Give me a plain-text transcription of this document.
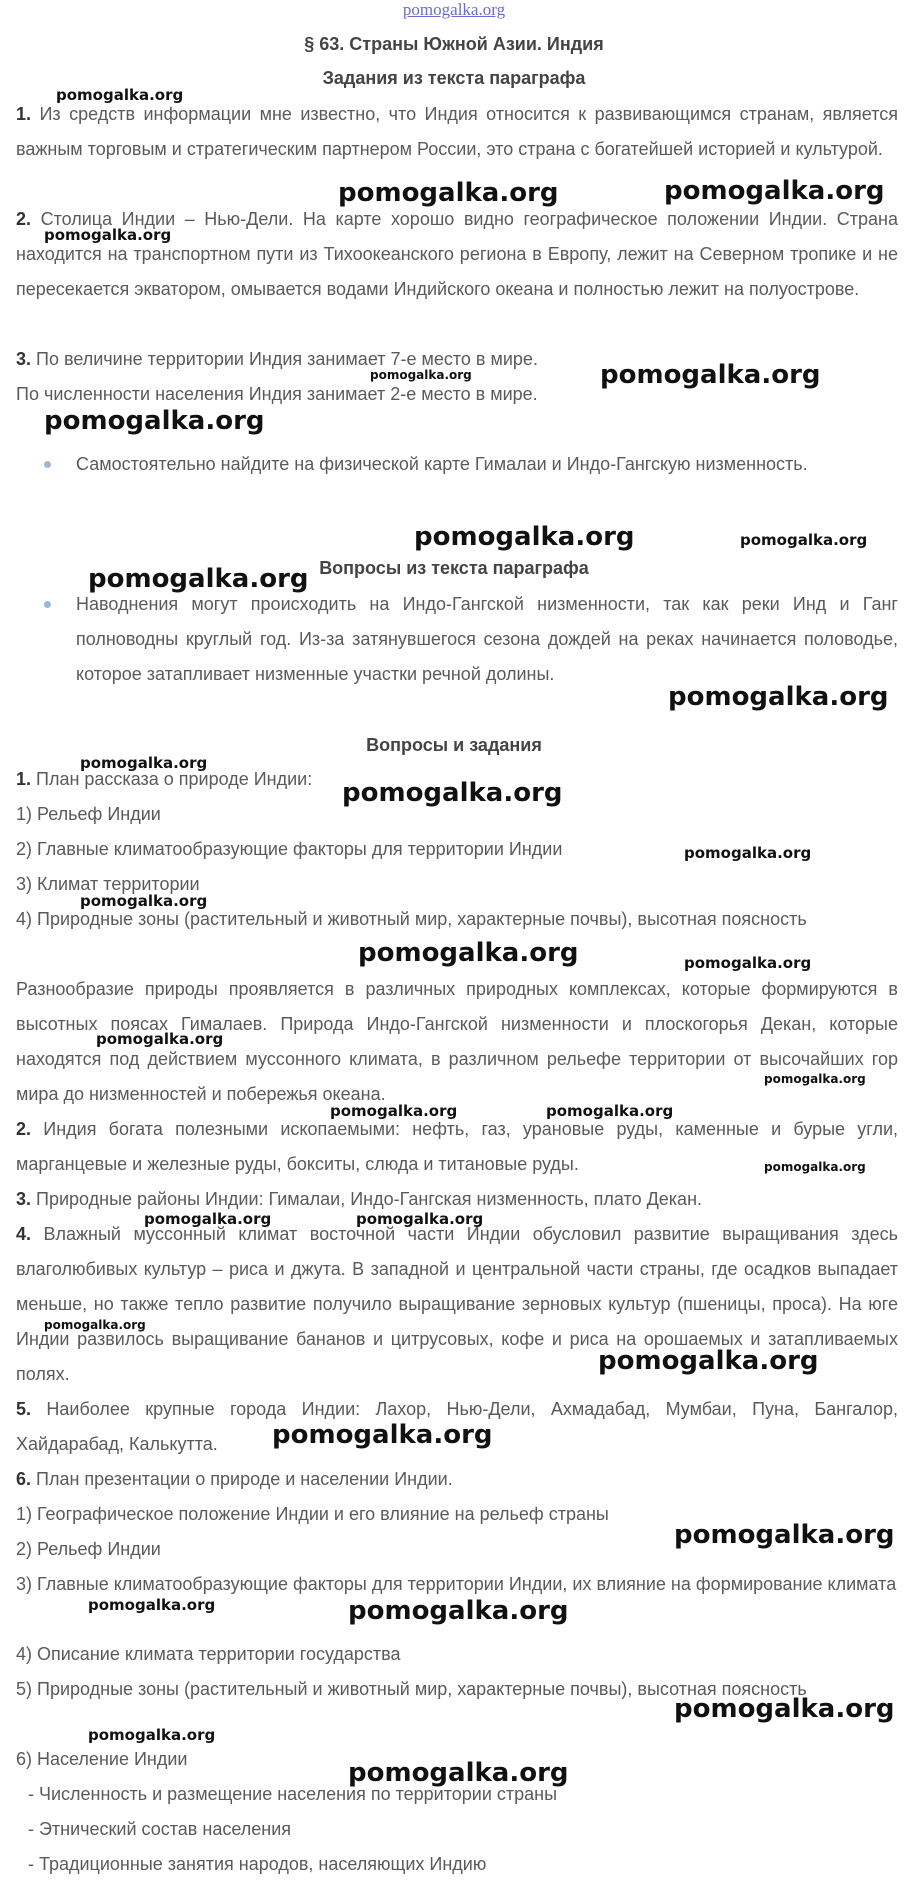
pomogalka.org
§ 63. Страны Южной Азии. Индия
Задания из текста параграфа
1. Из средств информации мне известно, что Индия относится к развивающимся странам, является важным торговым и стратегическим партнером России, это страна с богатейшей историей и культурой.
2. Столица Индии – Нью-Дели. На карте хорошо видно географическое положении Индии. Страна находится на транспортном пути из Тихоокеанского региона в Европу, лежит на Северном тропике и не пересекается экватором, омывается водами Индийского океана и полностью лежит на полуострове.
3. По величине территории Индия занимает 7-е место в мире.
По численности населения Индия занимает 2-е место в мире.
Самостоятельно найдите на физической карте Гималаи и Индо-Гангскую низменность.
Вопросы из текста параграфа
Наводнения могут происходить на Индо-Гангской низменности, так как реки Инд и Ганг полноводны круглый год. Из-за затянувшегося сезона дождей на реках начинается половодье, которое затапливает низменные участки речной долины.
Вопросы и задания
1. План рассказа о природе Индии:
1) Рельеф Индии
2) Главные климатообразующие факторы для территории Индии
3) Климат территории
4) Природные зоны (растительный и животный мир, характерные почвы), высотная поясность
Разнообразие природы проявляется в различных природных комплексах, которые формируются в высотных поясах Гималаев. Природа Индо-Гангской низменности и плоскогорья Декан, которые находятся под действием муссонного климата, в различном рельефе территории от высочайших гор мира до низменностей и побережья океана.
2. Индия богата полезными ископаемыми: нефть, газ, урановые руды, каменные и бурые угли, марганцевые и железные руды, бокситы, слюда и титановые руды.
3. Природные районы Индии: Гималаи, Индо-Гангская низменность, плато Декан.
4. Влажный муссонный климат восточной части Индии обусловил развитие выращивания здесь влаголюбивых культур – риса и джута. В западной и центральной части страны, где осадков выпадает меньше, но также тепло развитие получило выращивание зерновых культур (пшеницы, проса). На юге Индии развилось выращивание бананов и цитрусовых, кофе и риса на орошаемых и затапливаемых полях.
5. Наиболее крупные города Индии: Лахор, Нью-Дели, Ахмадабад, Мумбаи, Пуна, Бангалор, Хайдарабад, Калькутта.
6. План презентации о природе и населении Индии.
1) Географическое положение Индии и его влияние на рельеф страны
2) Рельеф Индии
3) Главные климатообразующие факторы для территории Индии, их влияние на формирование климата
4) Описание климата территории государства
5) Природные зоны (растительный и животный мир, характерные почвы), высотная поясность
6) Население Индии
- Численность и размещение населения по территории страны
- Этнический состав населения
- Традиционные занятия народов, населяющих Индию
pomogalka.org
pomogalka.org
pomogalka.org	pomogalka.org
pomogalka.org	pomogalka.org
pomogalka.org
pomogalka.org	pomogalka.org
pomogalka.org
pomogalka.org
pomogalka.org
pomogalka.org
pomogalka.org
pomogalka.org
pomogalka.org	pomogalka.org
pomogalka.org
pomogalka.org
pomogalka.org	pomogalka.org
pomogalka.org
pomogalka.org	pomogalka.org
pomogalka.org
pomogalka.org
pomogalka.org
pomogalka.org
pomogalka.org	pomogalka.org
pomogalka.org
pomogalka.org
pomogalka.org
